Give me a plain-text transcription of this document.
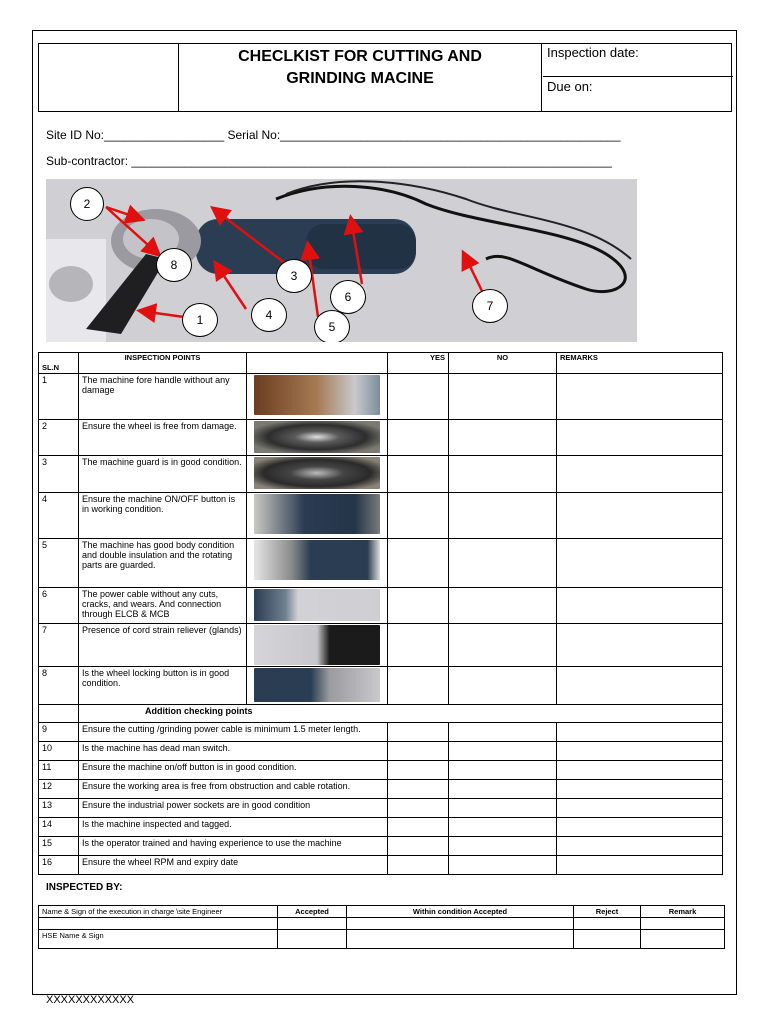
CHECLKIST FOR CUTTING AND
GRINDING MACINE
Inspection date:
Due on:
Site ID No:__________________ Serial No:___________________________________________________
Sub-contractor: ________________________________________________________________________
2
8
3
1	4
5
6
7
SL.N	INSPECTION POINTS		YES	NO	REMARKS
1	The machine fore handle without any damage	

2	Ensure the wheel is free from damage.	

3	The machine guard is in good condition.	

4	Ensure the machine ON/OFF button is in working condition.	

5	The machine has good body condition and double insulation and the rotating parts are guarded.	

6	The power cable without any cuts, cracks, and wears. And connection through ELCB & MCB	

7	Presence of cord strain reliever (glands)	

8	Is the wheel locking button is in good condition.	

	Addition checking points				
9	Ensure the cutting /grinding power cable is minimum 1.5 meter length.				
10	Is the machine has dead man switch.				
11	Ensure the machine on/off button is in good condition.				
12	Ensure the working area is free from obstruction and cable rotation.				
13	Ensure the industrial power sockets are in good condition				
14	Is the machine inspected and tagged.				
15	Is the operator trained and having experience to use the machine				
16	Ensure the wheel RPM and expiry date				
INSPECTED BY:
Name & Sign of the execution in charge \site Engineer	Accepted	Within condition Accepted	Reject	Remark

HSE Name & Sign				
XXXXXXXXXXXX
